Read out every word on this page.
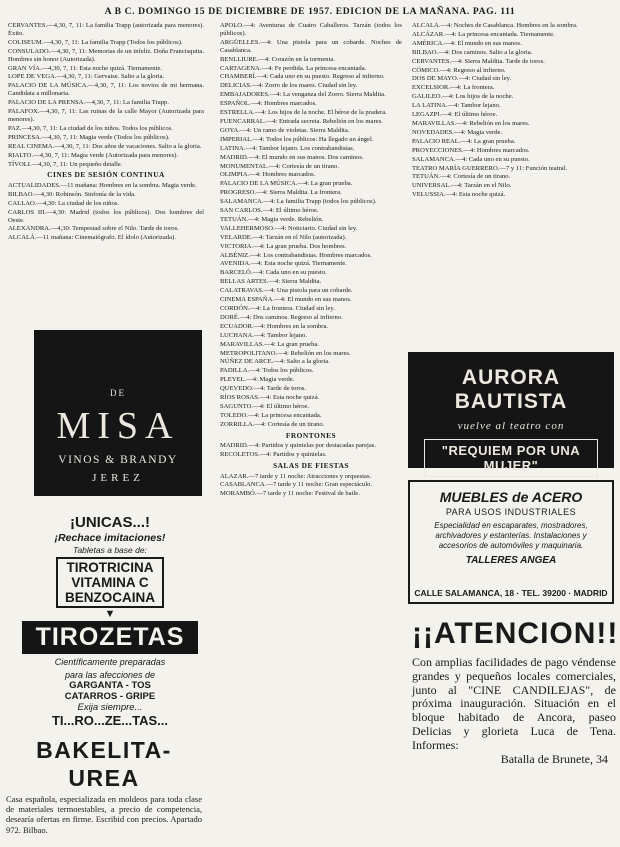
A B C. DOMINGO 15 DE DICIEMBRE DE 1957. EDICION DE LA MAÑANA. PAG. 111

CERVANTES.—4,30, 7, 11: La familia Trapp (autorizada para menores). Éxito.

COLISEUM.—4,30, 7, 11: La familia Trapp (Todos los públicos).

CONSULADO.—4,30, 7, 11: Memorias de un infeliz. Doña Francisquita. Hombres sin honor (Autorizada).

GRAN VÍA.—4,30, 7, 11: Esta noche quizá. Tiernamente.

LOPE DE VEGA.—4,30, 7, 11: Gervaise. Salto a la gloria.

PALACIO DE LA MÚSICA.—4,30, 7, 11: Los novios de mi hermana. Candidata a millonaria.

PALACIO DE LA PRENSA.—4,30, 7, 11: La familia Trapp.

PALAFOX.—4,30, 7, 11: Las ruinas de la calle Mayor (Autorizada para menores).

PAZ.—4,30, 7, 11: La ciudad de los niños. Todos los públicos.

PRINCESA.—4,30, 7, 11: Magia verde (Todos los públicos).

REAL CINEMA.—4,30, 7, 11: Dos años de vacaciones. Salto a la gloria.

RIALTO.—4,30, 7, 11: Magia verde (Autorizada para menores).

TÍVOLI.—4,30, 7, 11: Un pequeño detalle.

CINES DE SESIÓN CONTINUA

ACTUALIDADES.—11 mañana: Hombres en la sombra. Magia verde.

BILBAO.—4,30: Robinsón. Sinfonía de la vida.

CALLAO.—4,30: La ciudad de los niños.

CARLOS III.—4,30: Madrid (todos los públicos). Dos hombres del Oeste.

ALEXANDRA.—4,30: Tempestad sobre el Nilo. Tarde de toros.

ALCALÁ.—11 mañana: Cinematógrafo. El ídolo (Autorizada).

APOLO.—4: Aventuras de Cuatro Caballeros. Tarzán (todos los públicos).

ARGÜELLES.—4: Una pistola para un cobarde. Noches de Casablanca.

BENLLIURE.—4: Corazón en la tormenta.

CARTAGENA.—4: Fe perdida. La princesa encantada.

CHAMBERÍ.—4: Cada uno en su puesto. Regreso al infierno.

DELICIAS.—4: Zorro de los mares. Ciudad sin ley.

EMBAJADORES.—4: La venganza del Zorro. Sierra Maldita.

ESPAÑOL.—4: Hombres marcados.

ESTRELLA.—4: Los hijos de la noche. El héroe de la pradera.

FUENCARRAL.—4: Entrada secreta. Rebelión en los mares.

GOYA.—4: Un ramo de violetas. Sierra Maldita.

IMPERIAL.—4: Todos los públicos: Ha llegado un ángel.

LATINA.—4: Tambor lejano. Los contrabandistas.

MADRID.—4: El mundo en sus manos. Dos caminos.

MONUMENTAL.—4: Cortesía de un tirano.

OLIMPIA.—4: Hombres marcados.

PALACIO DE LA MÚSICA.—4: La gran prueba.

PROGRESO.—4: Sierra Maldita. La frontera.

SALAMANCA.—4: La familia Trapp (todos los públicos).

SAN CARLOS.—4: El último héroe.

TETUÁN.—4: Magia verde. Rebelión.

VALLEHERMOSO.—4: Noticiario. Ciudad sin ley.

VELARDE.—4: Tarzán en el Nilo (autorizada).

VICTORIA.—4: La gran prueba. Dos hombres.

ALBÉNIZ.—4: Los contrabandistas. Hombres marcados.

AVENIDA.—4: Esta noche quizá. Tiernamente.

BARCELÓ.—4: Cada uno en su puesto.

BELLAS ARTES.—4: Sierra Maldita.

CALATRAVAS.—4: Una pistola para un cobarde.

CINEMA ESPAÑA.—4: El mundo en sus manos.

CORDÓN.—4: La frontera. Ciudad sin ley.

DORÉ.—4: Dos caminos. Regreso al infierno.

ECUADOR.—4: Hombres en la sombra.

LUCHANA.—4: Tambor lejano.

MARAVILLAS.—4: La gran prueba.

METROPOLITANO.—4: Rebelión en los mares.

NÚÑEZ DE ARCE.—4: Salto a la gloria.

PADILLA.—4: Todos los públicos.

PLEYEL.—4: Magia verde.

QUEVEDO.—4: Tarde de toros.

RÍOS ROSAS.—4: Esta noche quizá.

SAGUNTO.—4: El último héroe.

TOLEDO.—4: La princesa encantada.

ZORRILLA.—4: Cortesía de un tirano.

FRONTONES

MADRID.—4: Partidos y quinielas por destacadas parejas.

RECOLETOS.—4: Partidos y quinielas.

SALAS DE FIESTAS

ALAZAR.—7 tarde y 11 noche: Atracciones y orquestas.

CASABLANCA.—7 tarde y 11 noche: Gran espectáculo.

MORAMBÓ.—7 tarde y 11 noche: Festival de baile.

ALCALÁ.—4: Noches de Casablanca. Hombres en la sombra.

ALCÁZAR.—4: La princesa encantada. Tiernamente.

AMÉRICA.—4: El mundo en sus manos.

BILBAO.—4: Dos caminos. Salto a la gloria.

CERVANTES.—4: Sierra Maldita. Tarde de toros.

CÓMICO.—4: Regreso al infierno.

DOS DE MAYO.—4: Ciudad sin ley.

EXCELSIOR.—4: La frontera.

GALILEO.—4: Los hijos de la noche.

LA LATINA.—4: Tambor lejano.

LEGAZPI.—4: El último héroe.

MARAVILLAS.—4: Rebelión en los mares.

NOVEDADES.—4: Magia verde.

PALACIO REAL.—4: La gran prueba.

PROYECCIONES.—4: Hombres marcados.

SALAMANCA.—4: Cada uno en su puesto.

TEATRO MARÍA GUERRERO.—7 y 11: Función teatral.

TETUÁN.—4: Cortesía de un tirano.

UNIVERSAL.—4: Tarzán en el Nilo.

VELUSSIA.—4: Esta noche quizá.

DE
MISA
VINOS & BRANDY
JEREZ
¡UNICAS...!
¡Rechace imitaciones!
Tabletas a base de:
TIROTRICINA
VITAMINA C
BENZOCAINA
▼
TIROZETAS
Científicamente preparadas
para las afecciones de
GARGANTA - TOS
CATARROS - GRIPE
Exija siempre...
TI...RO...ZE...TAS...
BAKELITA-UREA
Casa española, especializada en moldeos para toda clase de materiales termoestables, a precio de competencia, desearía ofertas en firme. Escribid con precios. Apartado 972. Bilbao.
AURORA BAUTISTA
vuelve al teatro con
"REQUIEM POR UNA MUJER"
MUEBLES de ACERO
PARA USOS INDUSTRIALES
Especialidad en escaparates, mostradores, archivadores y estanterías. Instalaciones y accesorios de automóviles y maquinaria.
TALLERES ANGEA
CALLE SALAMANCA, 18 · TEL. 39200 · MADRID
¡¡ATENCION!!
Con amplias facilidades de pago véndense grandes y pequeños locales comerciales, junto al "CINE CANDILEJAS", de próxima inauguración. Situación en el bloque habitado de Ancora, paseo Delicias y glorieta Luca de Tena. Informes:
Batalla de Brunete, 34
